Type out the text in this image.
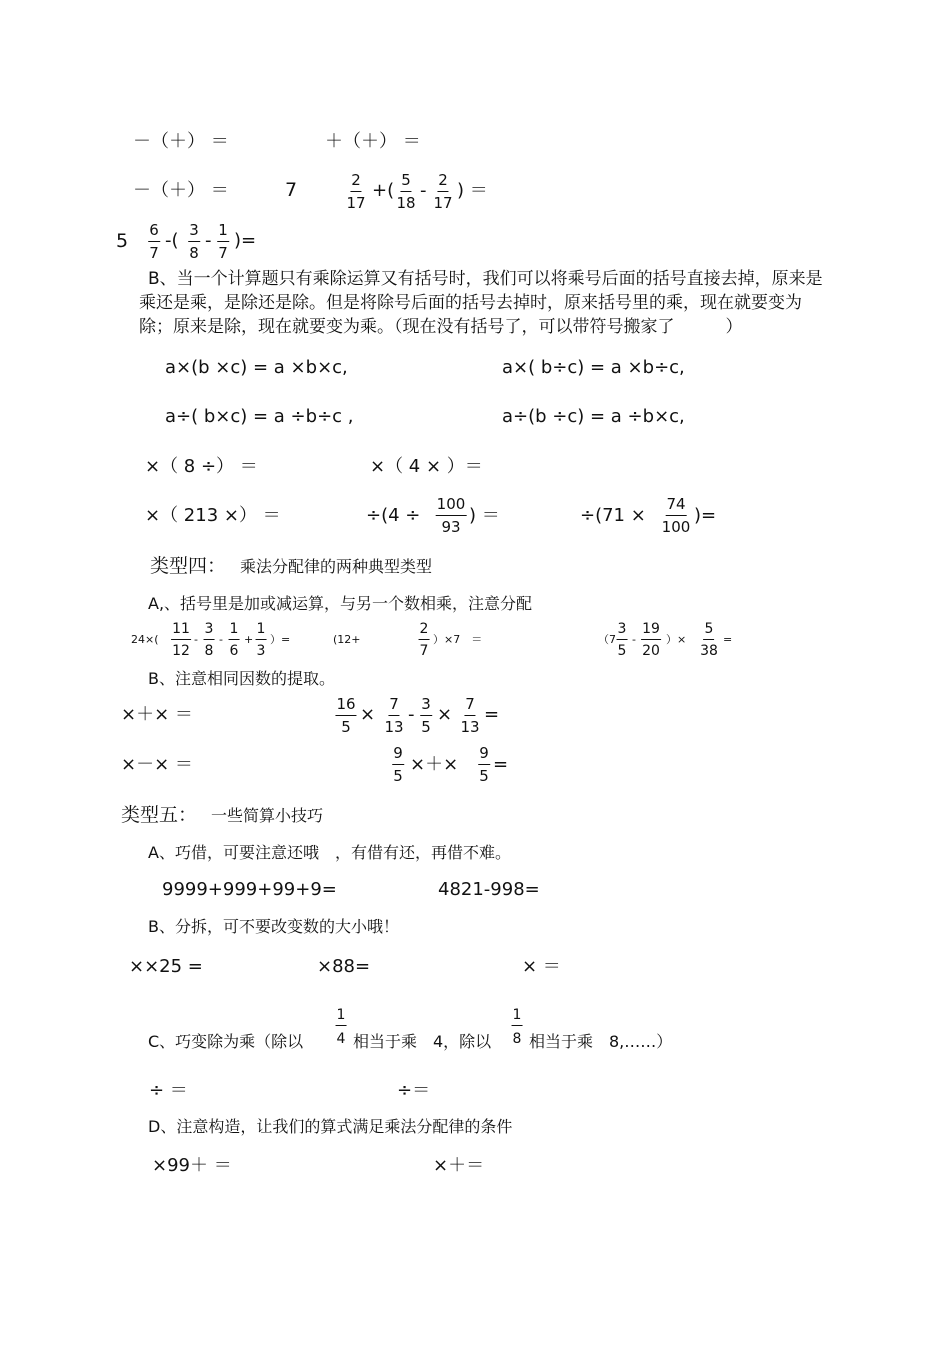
－（＋） ＝	＋（＋） ＝
－（＋） ＝	7	$\frac{2}{17}$ +( $\frac{5}{18} - \frac{2}{17}$ ) ＝
$5 \frac{6}{7}$ -( $\frac{3}{8} - \frac{1}{7}$ )=
B、当一个计算题只有乘除运算又有括号时，我们可以将乘号后面的括号直接去掉，原来是乘还是乘，是除还是除。但是将除号后面的括号去掉时，原来括号里的乘，现在就要变为除；原来是除，现在就要变为乘。（现在没有括号了，可以带符号搬家了　　　）
a×(b ×c) = a ×b×c,	a×( b÷c) = a ×b÷c,
a÷( b×c) = a ÷b÷c ,	a÷(b ÷c) = a ÷b×c,
×（ 8 ÷） ＝	×（ 4 × ）＝
×（ 213 ×） ＝	$\div(4 \div \frac{100}{93}$ ) ＝	$\div(71 \times \frac{74}{100}$ )=
类型四： 乘法分配律的两种典型类型
A,、括号里是加或减运算，与另一个数相乘，注意分配
$24\times( \frac{11}{12} - \frac{3}{8} - \frac{1}{6} + \frac{1}{3}$ ）=	(12+	$\frac{2}{7} )\times 7$　＝	（$7 \frac{3}{5} - \frac{19}{20}$ ）× $\frac{5}{38}$ =
B、注意相同因数的提取。
×＋× ＝	$\frac{16}{5} \times \frac{7}{13} - \frac{3}{5} \times \frac{7}{13}$ =
×－× ＝	$\frac{9}{5}$ ×＋× $\frac{9}{5}$ =
类型五： 一些简算小技巧
A、巧借，可要注意还哦　，有借有还，再借不难。
9999+999+99+9=	4821-998=
B、分拆，可不要改变数的大小哦！
××25 =	×88=	× ＝
C、巧变除为乘（除以 $\frac{1}{4}$ 相当于乘　4，除以 $\frac{1}{8}$ 相当于乘　8,……）
÷ ＝	÷＝
D、注意构造，让我们的算式满足乘法分配律的条件
×99＋ ＝	×＋＝
